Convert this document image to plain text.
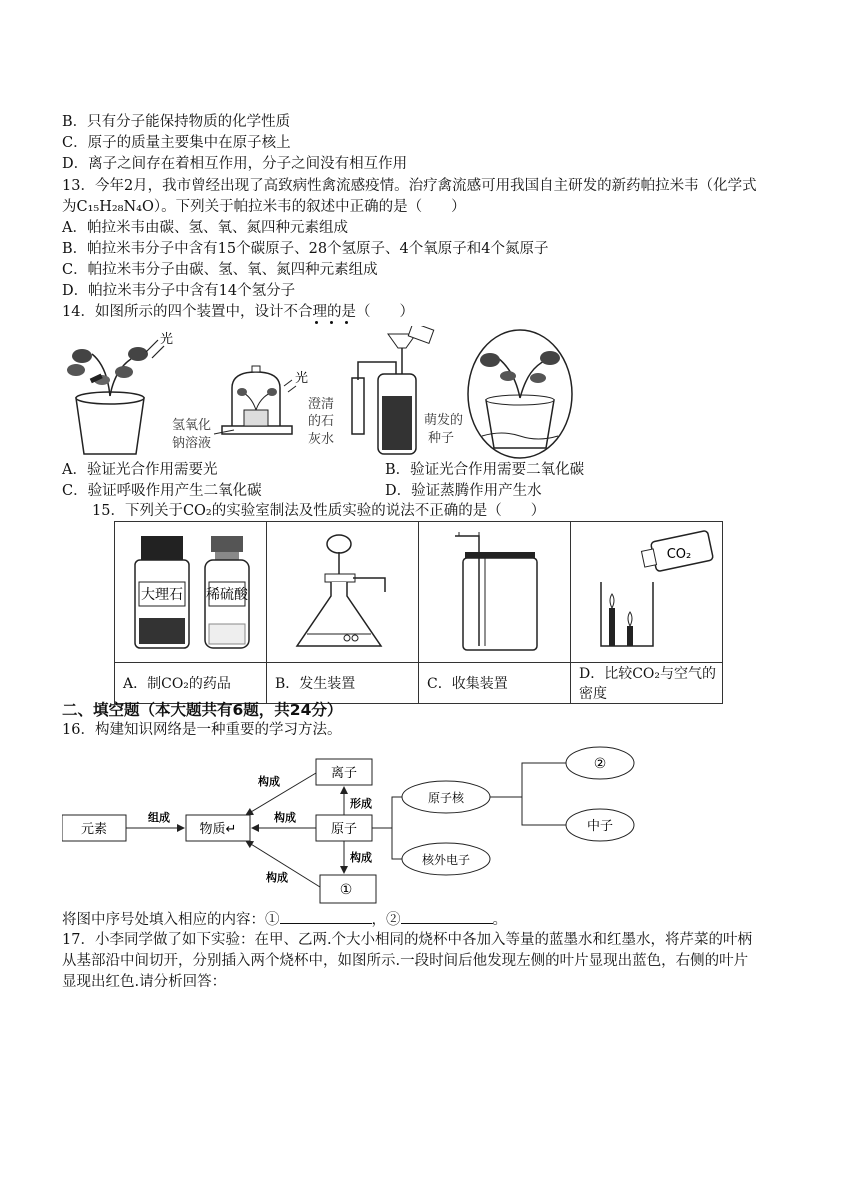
B．只有分子能保持物质的化学性质
C．原子的质量主要集中在原子核上
D．离子之间存在着相互作用，分子之间没有相互作用
13．今年2月，我市曾经出现了高致病性禽流感疫情。治疗禽流感可用我国自主研发的新药帕拉米韦（化学式
为C₁₅H₂₈N₄O）。下列关于帕拉米韦的叙述中正确的是（　　）
A．帕拉米韦由碳、氢、氧、氮四种元素组成
B．帕拉米韦分子中含有15个碳原子、28个氢原子、4个氧原子和4个氮原子
C．帕拉米韦分子由碳、氢、氧、氮四种元素组成
D．帕拉米韦分子中含有14个氢分子
14．如图所示的四个装置中，设计不合理的是（　　）
光
光
氢氧化
钠溶液
澄清
的石
灰水
萌发的
种子
A．验证光合作用需要光	B．验证光合作用需要二氧化碳
C．验证呼吸作用产生二氧化碳	D．验证蒸腾作用产生水
15．下列关于CO₂的实验室制法及性质实验的说法不正确的是（　　）
大理石 稀硫酸			CO₂

A．制CO₂的药品	B．发生装置	C．收集装置	D．比较CO₂与空气的密度
二、填空题（本大题共有6题，共24分）
16．构建知识网络是一种重要的学习方法。
元素	物质↵
离子
原子
①
原子核
核外电子
②
中子
组成	构成
构成
构成
形成
构成
将图中序号处填入相应的内容：①	，②	。
17．小李同学做了如下实验：在甲、乙两.个大小相同的烧杯中各加入等量的蓝墨水和红墨水，将芹菜的叶柄
从基部沿中间切开，分别插入两个烧杯中，如图所示.一段时间后他发现左侧的叶片显现出蓝色，右侧的叶片
显现出红色.请分析回答：
